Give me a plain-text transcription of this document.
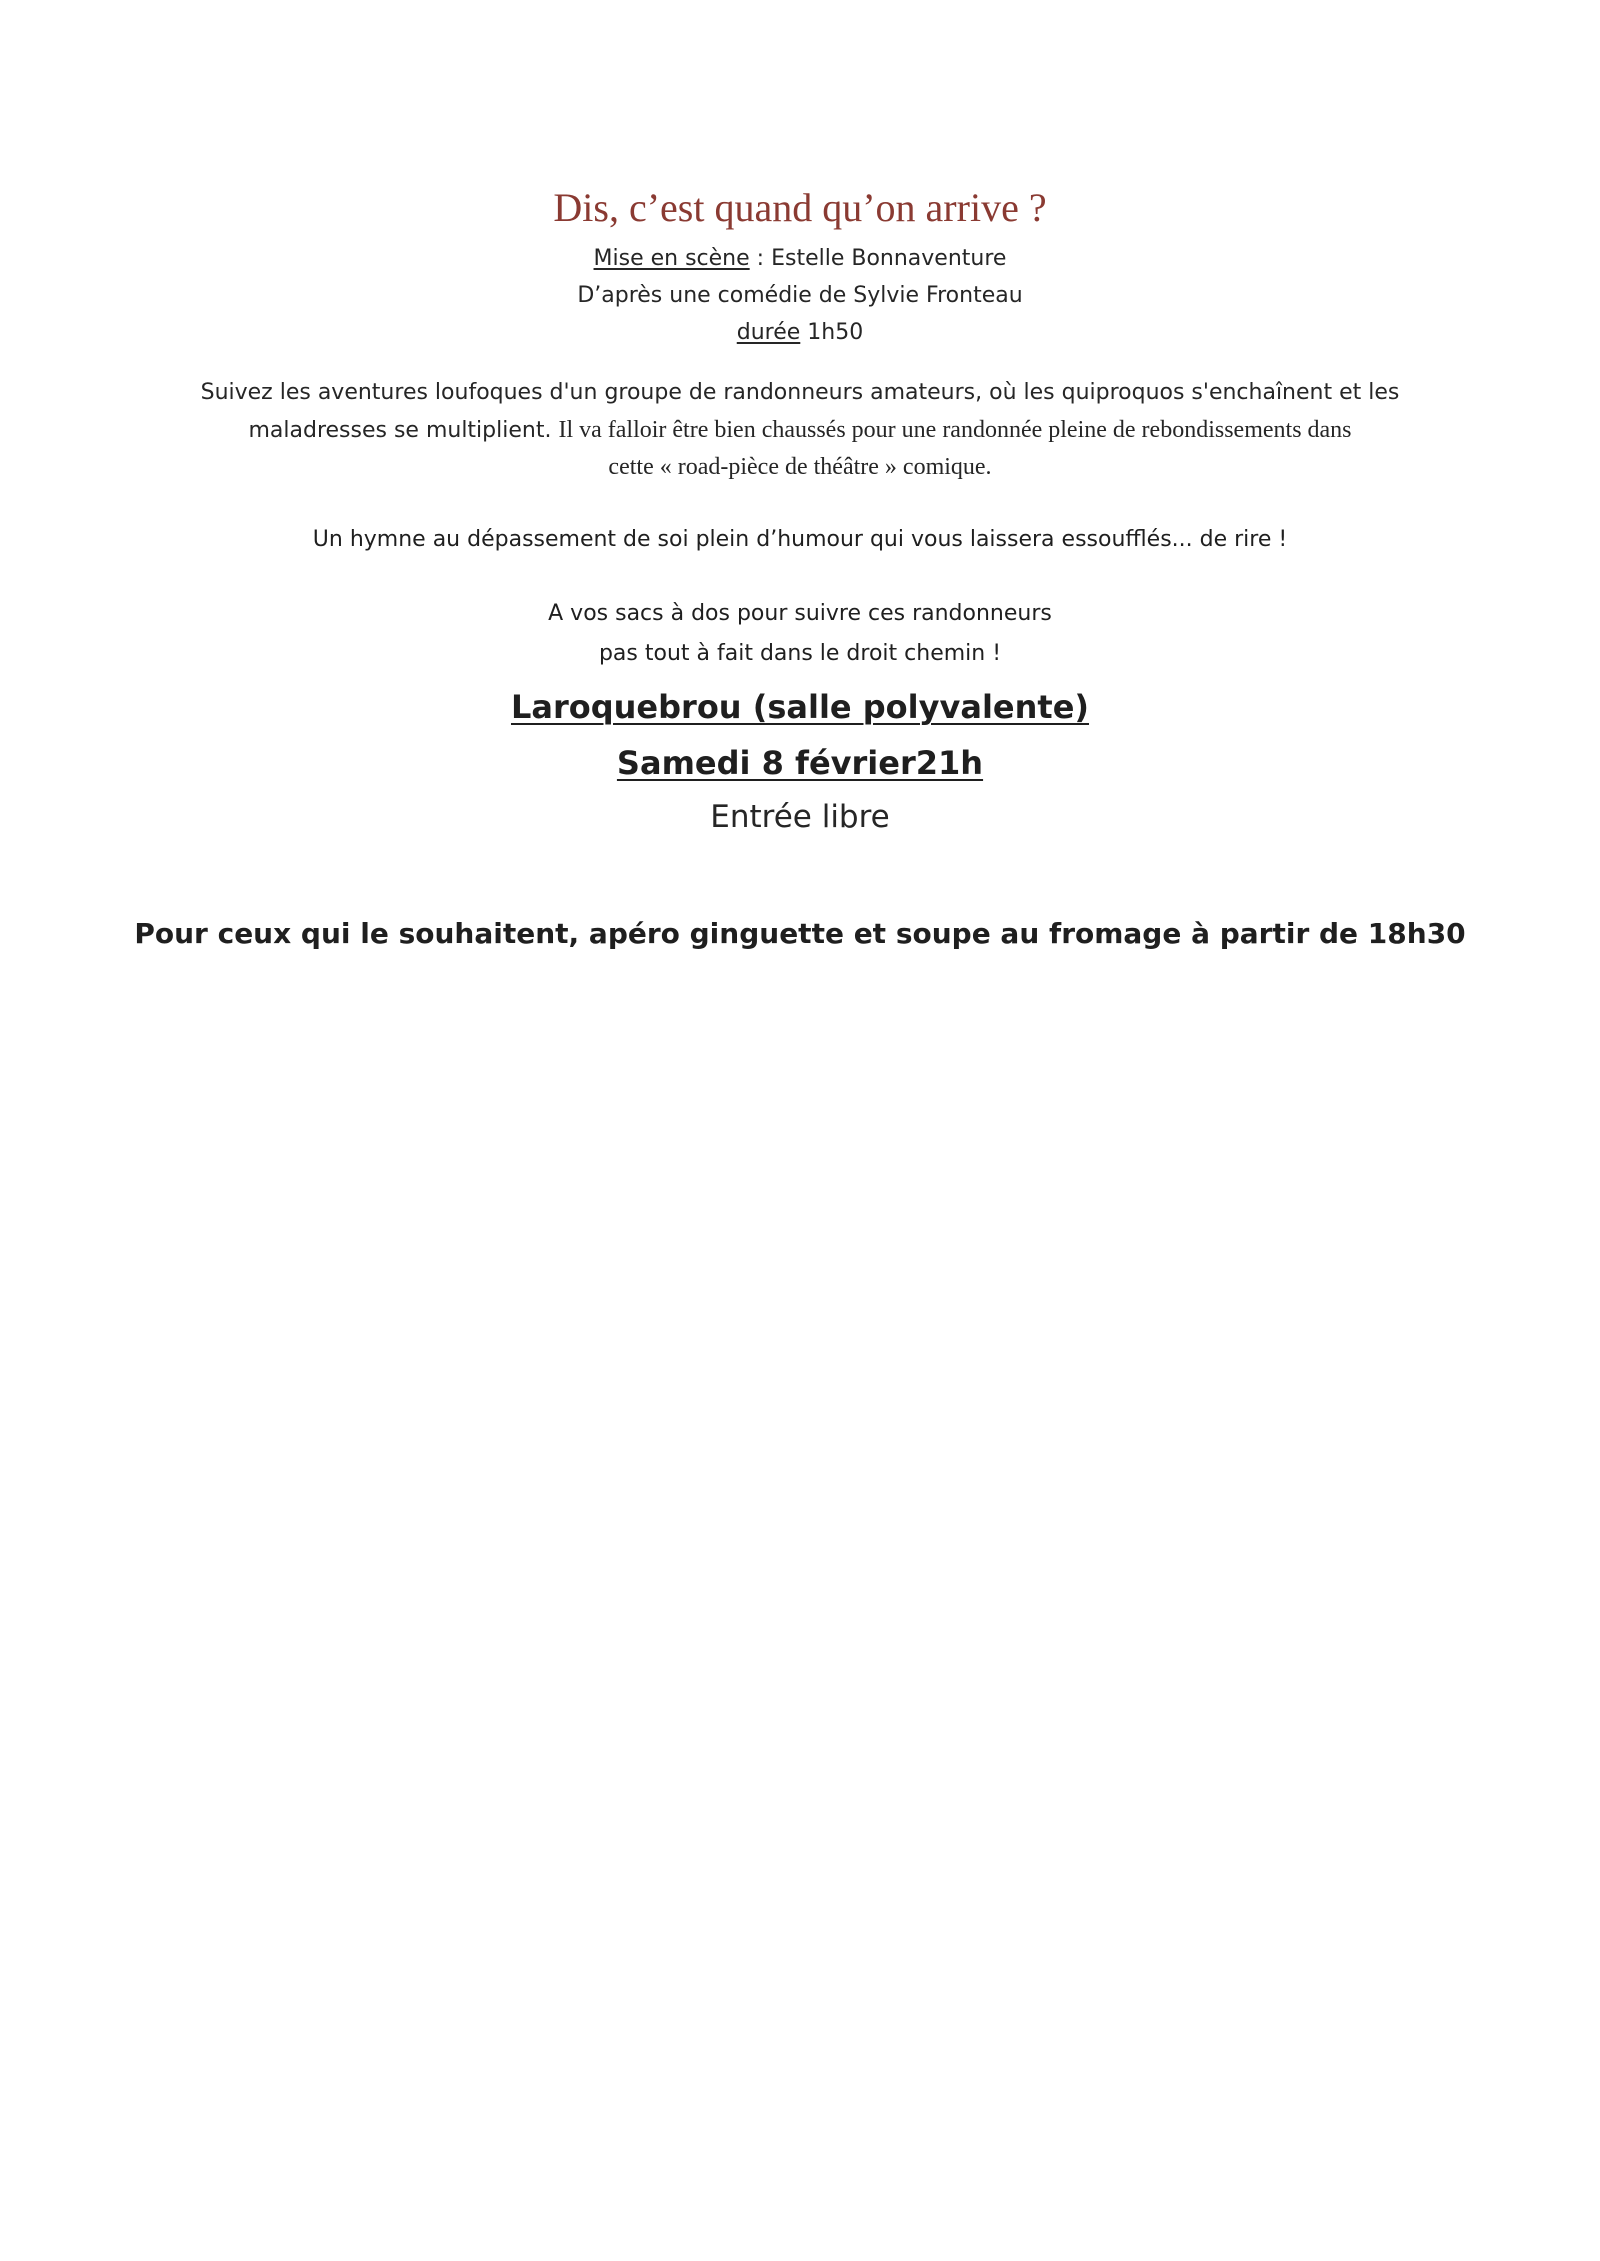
Dis, c’est quand qu’on arrive ?
Mise en scène : Estelle Bonnaventure
D’après une comédie de Sylvie Fronteau
durée 1h50
Suivez les aventures loufoques d'un groupe de randonneurs amateurs, où les quiproquos s'enchaînent et les
maladresses se multiplient. Il va falloir être bien chaussés pour une randonnée pleine de rebondissements dans
cette « road-pièce de théâtre » comique.
Un hymne au dépassement de soi plein d’humour qui vous laissera essoufflés... de rire !
A vos sacs à dos pour suivre ces randonneurs
pas tout à fait dans le droit chemin !
Laroquebrou (salle polyvalente)
Samedi 8 février21h
Entrée libre
Pour ceux qui le souhaitent, apéro ginguette et soupe au fromage à partir de 18h30
